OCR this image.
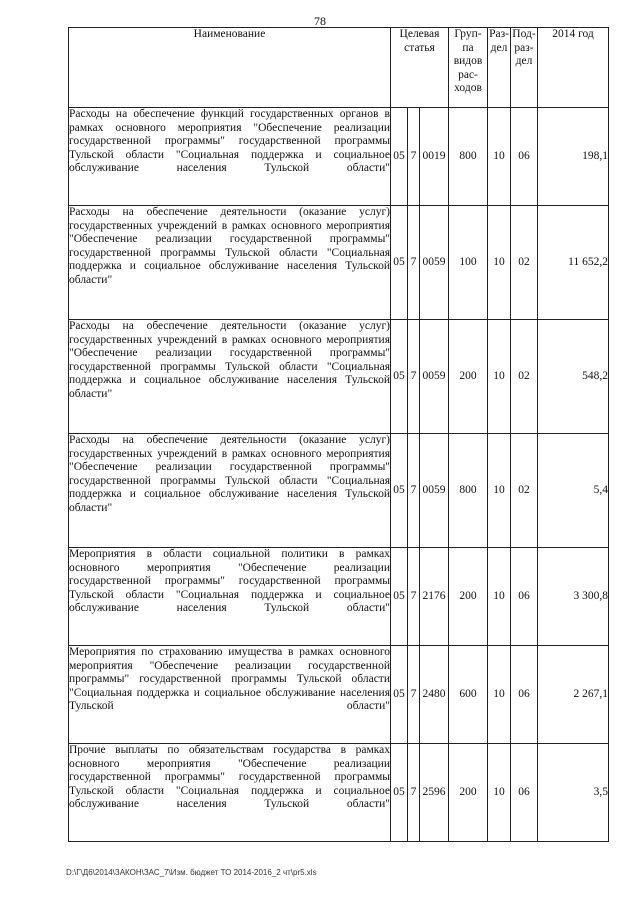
78
Наименование	Целевая статья			Груп-па видов рас-ходов	Раз-дел	Под-раз-дел	2014 год
Расходы на обеспечение функций государственных органов в рамках основного мероприятия "Обеспечение реализации государственной программы" государственной программы Тульской области "Социальная поддержка и социальное обслуживание населения Тульской области"	05	7	0019	800	10	06	198,1
Расходы на обеспечение деятельности (оказание услуг) государственных учреждений в рамках основного мероприятия "Обеспечение реализации государственной программы" государственной программы Тульской области "Социальная поддержка и социальное обслуживание населения Тульской области"	05	7	0059	100	10	02	11 652,2
Расходы на обеспечение деятельности (оказание услуг) государственных учреждений в рамках основного мероприятия "Обеспечение реализации государственной программы" государственной программы Тульской области "Социальная поддержка и социальное обслуживание населения Тульской области"	05	7	0059	200	10	02	548,2
Расходы на обеспечение деятельности (оказание услуг) государственных учреждений в рамках основного мероприятия "Обеспечение реализации государственной программы" государственной программы Тульской области "Социальная поддержка и социальное обслуживание населения Тульской области"	05	7	0059	800	10	02	5,4
Мероприятия в области социальной политики в рамках основного мероприятия "Обеспечение реализации государственной программы" государственной программы Тульской области "Социальная поддержка и социальное обслуживание населения Тульской области"	05	7	2176	200	10	06	3 300,8
Мероприятия по страхованию имущества в рамках основного мероприятия "Обеспечение реализации государственной программы" государственной программы Тульской области "Социальная поддержка и социальное обслуживание населения Тульской области"	05	7	2480	600	10	06	2 267,1
Прочие выплаты по обязательствам государства в рамках основного мероприятия "Обеспечение реализации государственной программы" государственной программы Тульской области "Социальная поддержка и социальное обслуживание населения Тульской области"	05	7	2596	200	10	06	3,5
D:\Г\Д6\2014\ЗАКОН\ЗАС_7\Изм. бюджет ТО 2014-2016_2 чт\pr5.xls
